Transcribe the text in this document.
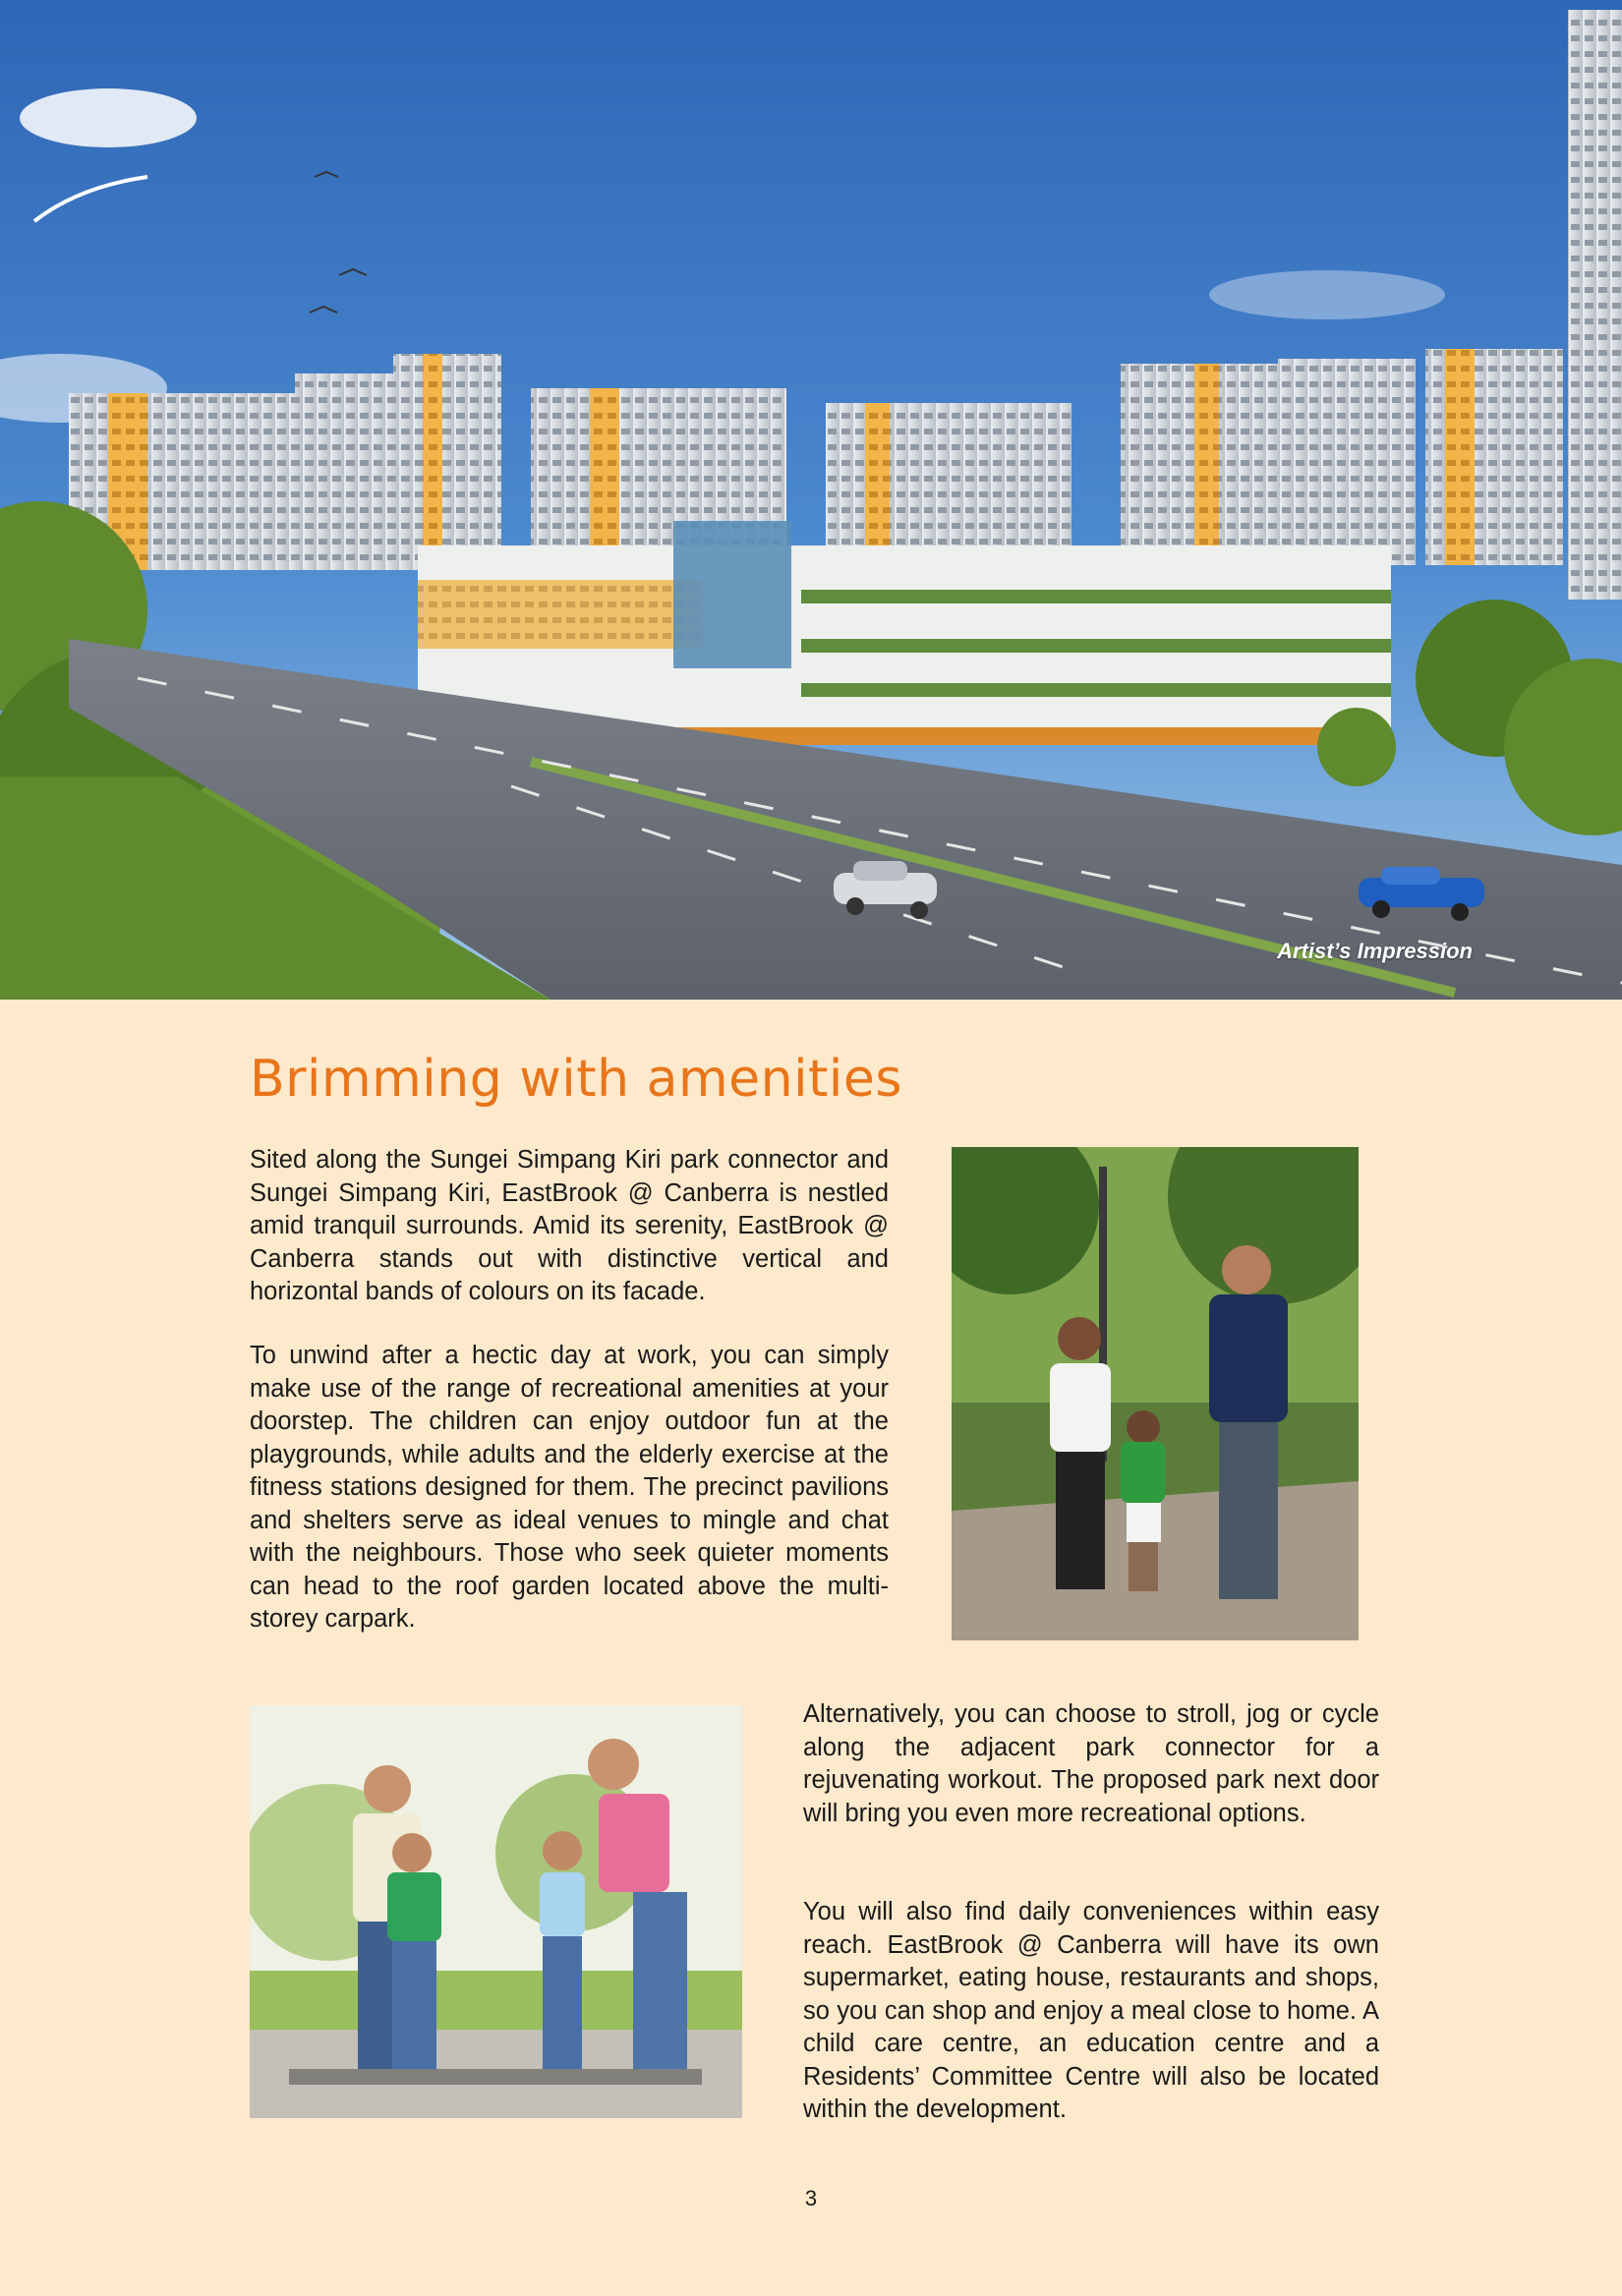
Artist’s Impression
Brimming with amenities

Sited along the Sungei Simpang Kiri park connector and Sungei Simpang Kiri, EastBrook @ Canberra is nestled amid tranquil surrounds. Amid its serenity, EastBrook @ Canberra stands out with distinctive vertical and horizontal bands of colours on its facade.

To unwind after a hectic day at work, you can simply make use of the range of recreational amenities at your doorstep. The children can enjoy outdoor fun at the playgrounds, while adults and the elderly exercise at the fitness stations designed for them. The precinct pavilions and shelters serve as ideal venues to mingle and chat with the neighbours. Those who seek quieter moments can head to the roof garden located above the multi-storey carpark.

Alternatively, you can choose to stroll, jog or cycle along the adjacent park connector for a rejuvenating workout. The proposed park next door will bring you even more recreational options.

You will also find daily conveniences within easy reach. EastBrook @ Canberra will have its own supermarket, eating house, restaurants and shops, so you can shop and enjoy a meal close to home. A child care centre, an education centre and a Residents’ Committee Centre will also be located within the development.

3
